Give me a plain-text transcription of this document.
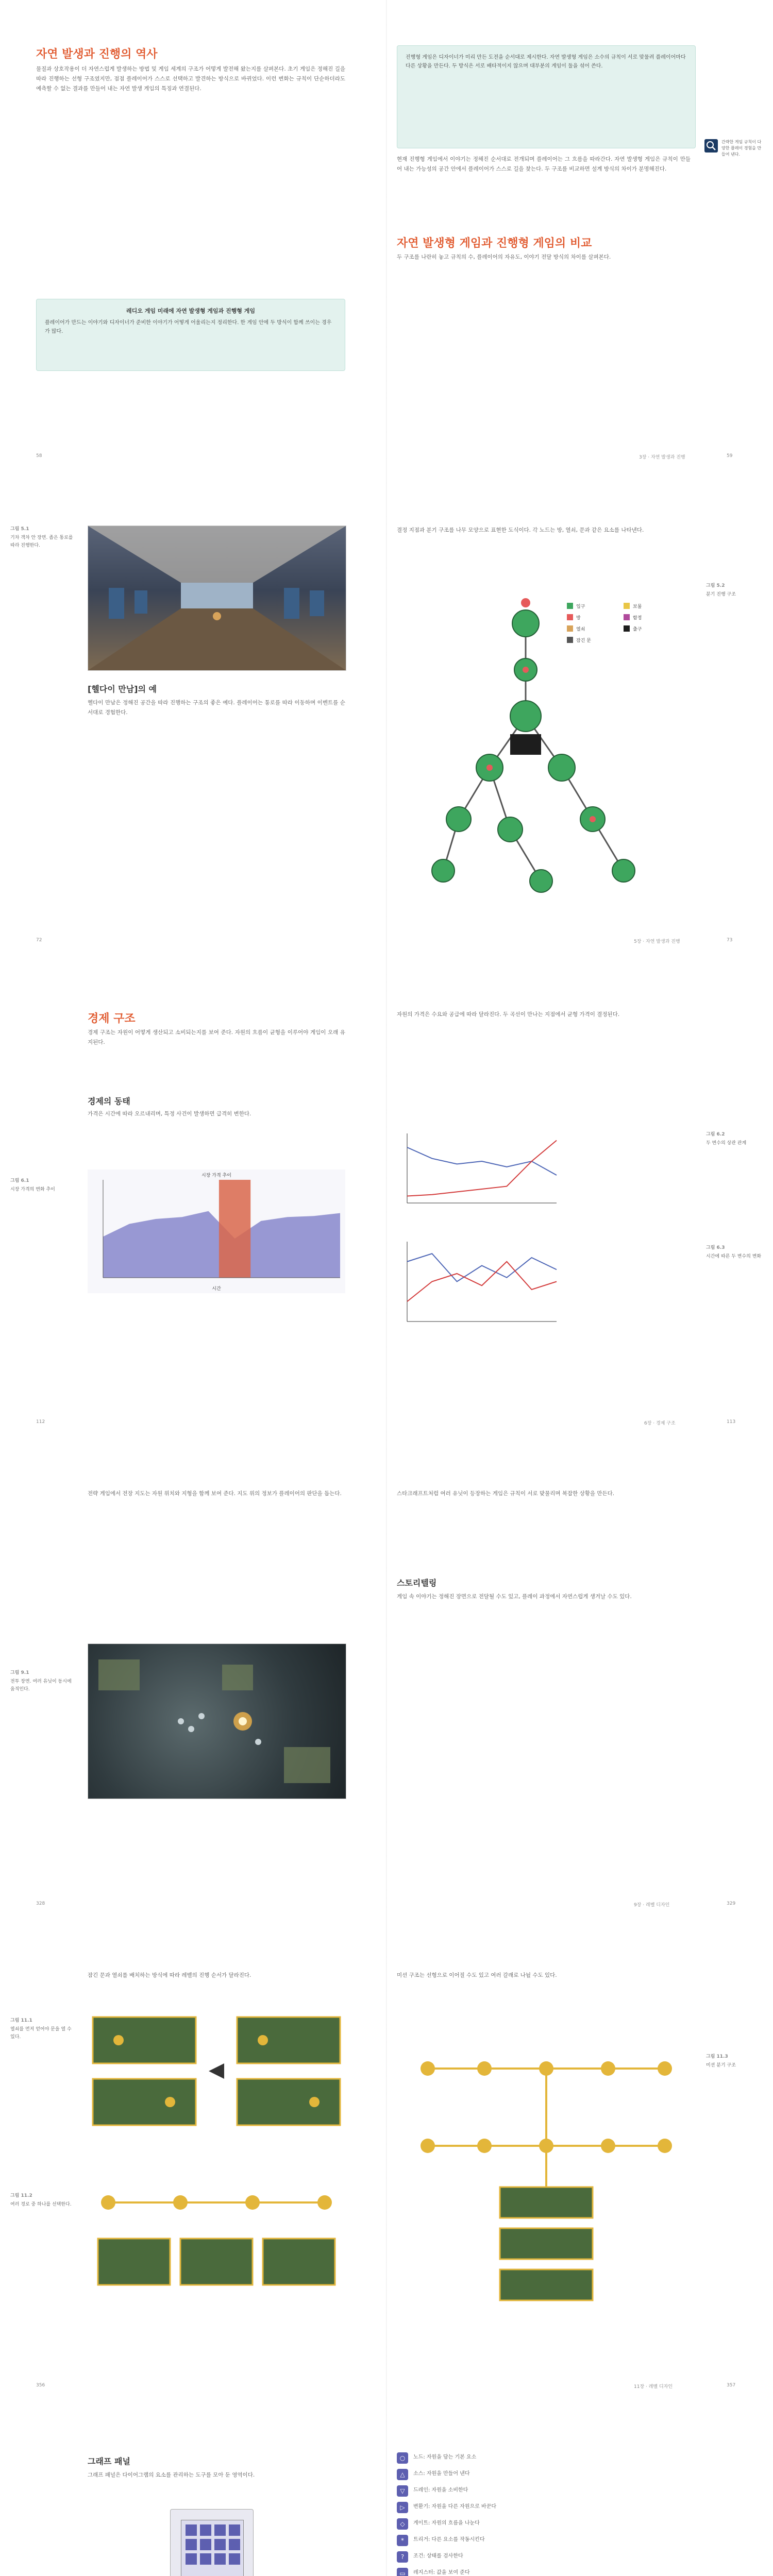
자연 발생과 진행의 역사
물질과 상호작용이 더 자연스럽게 발생하는 방법 및 게임 세계의 구조가 어떻게 발전해 왔는지를 살펴본다. 초기 게임은 정해진 길을 따라 진행하는 선형 구조였지만, 점점 플레이어가 스스로 선택하고 발견하는 방식으로 바뀌었다. 이런 변화는 규칙이 단순하더라도 예측할 수 없는 결과를 만들어 내는 자연 발생 게임의 특징과 연결된다.
레디오 게임 미래에 자연 발생형 게임과 진행형 게임
플레이어가 만드는 이야기와 디자이너가 준비한 이야기가 어떻게 어울리는지 정리한다. 한 게임 안에 두 방식이 함께 쓰이는 경우가 많다.
58
진행형 게임은 디자이너가 미리 만든 도전을 순서대로 제시한다. 자연 발생형 게임은 소수의 규칙이 서로 맞물려 플레이어마다 다른 상황을 만든다. 두 방식은 서로 배타적이지 않으며 대부분의 게임이 둘을 섞어 쓴다.
간략한 게임 규칙이 다양한 플레이 경험을 만들어 낸다.
현재 진행형 게임에서 이야기는 정해진 순서대로 전개되며 플레이어는 그 흐름을 따라간다. 자연 발생형 게임은 규칙이 만들어 내는 가능성의 공간 안에서 플레이어가 스스로 길을 찾는다. 두 구조를 비교하면 설계 방식의 차이가 분명해진다.
자연 발생형 게임과 진행형 게임의 비교
두 구조를 나란히 놓고 규칙의 수, 플레이어의 자유도, 이야기 전달 방식의 차이를 살펴본다.
3장 · 자연 발생과 진행	59
그림 5.1
기차 객차 안 장면. 좁은 통로를 따라 진행한다.
[헬다이 만남]의 예
헬다이 만남은 정해진 공간을 따라 진행하는 구조의 좋은 예다. 플레이어는 통로를 따라 이동하며 이벤트를 순서대로 경험한다.
72
결정 지점과 분기 구조를 나무 모양으로 표현한 도식이다. 각 노드는 방, 열쇠, 문과 같은 요소를 나타낸다.
입구
방
열쇠
잠긴 문
보물
함정
출구
그림 5.2
분기 진행 구조
5장 · 자연 발생과 진행	73
경제 구조
경제 구조는 자원이 어떻게 생산되고 소비되는지를 보여 준다. 자원의 흐름이 균형을 이루어야 게임이 오래 유지된다.
경제의 동태
가격은 시간에 따라 오르내리며, 특정 사건이 발생하면 급격히 변한다.
그림 6.1
시장 가격의 변화 추이
시장 가격 추이
시간
112
자원의 가격은 수요와 공급에 따라 달라진다. 두 곡선이 만나는 지점에서 균형 가격이 결정된다.
그림 6.2
두 변수의 상관 관계
그림 6.3
시간에 따른 두 변수의 변화
6장 · 경제 구조	113
전략 게임에서 전장 지도는 자원 위치와 지형을 함께 보여 준다. 지도 위의 정보가 플레이어의 판단을 돕는다.
그림 9.1
전투 장면. 여러 유닛이 동시에 움직인다.
328
스타크래프트처럼 여러 유닛이 등장하는 게임은 규칙이 서로 맞물리며 복잡한 상황을 만든다.
스토리텔링
게임 속 이야기는 정해진 장면으로 전달될 수도 있고, 플레이 과정에서 자연스럽게 생겨날 수도 있다.
9장 · 레벨 디자인	329
잠긴 문과 열쇠를 배치하는 방식에 따라 레벨의 진행 순서가 달라진다.
그림 11.1
열쇠를 먼저 얻어야 문을 열 수 있다.
그림 11.2
여러 경로 중 하나를 선택한다.
356
미션 구조는 선형으로 이어질 수도 있고 여러 갈래로 나뉠 수도 있다.
그림 11.3
미션 분기 구조
11장 · 레벨 디자인	357
그래프 패널
그래프 패널은 다이어그램의 요소를 관리하는 도구를 모아 둔 영역이다.
○	노드: 자원을 담는 기본 요소
△	소스: 자원을 만들어 낸다
▽	드레인: 자원을 소비한다
▷	변환기: 자원을 다른 자원으로 바꾼다
◇	게이트: 자원의 흐름을 나눈다
*	트리거: 다른 요소를 작동시킨다
?	조건: 상태를 검사한다
▭	레지스터: 값을 보여 준다
